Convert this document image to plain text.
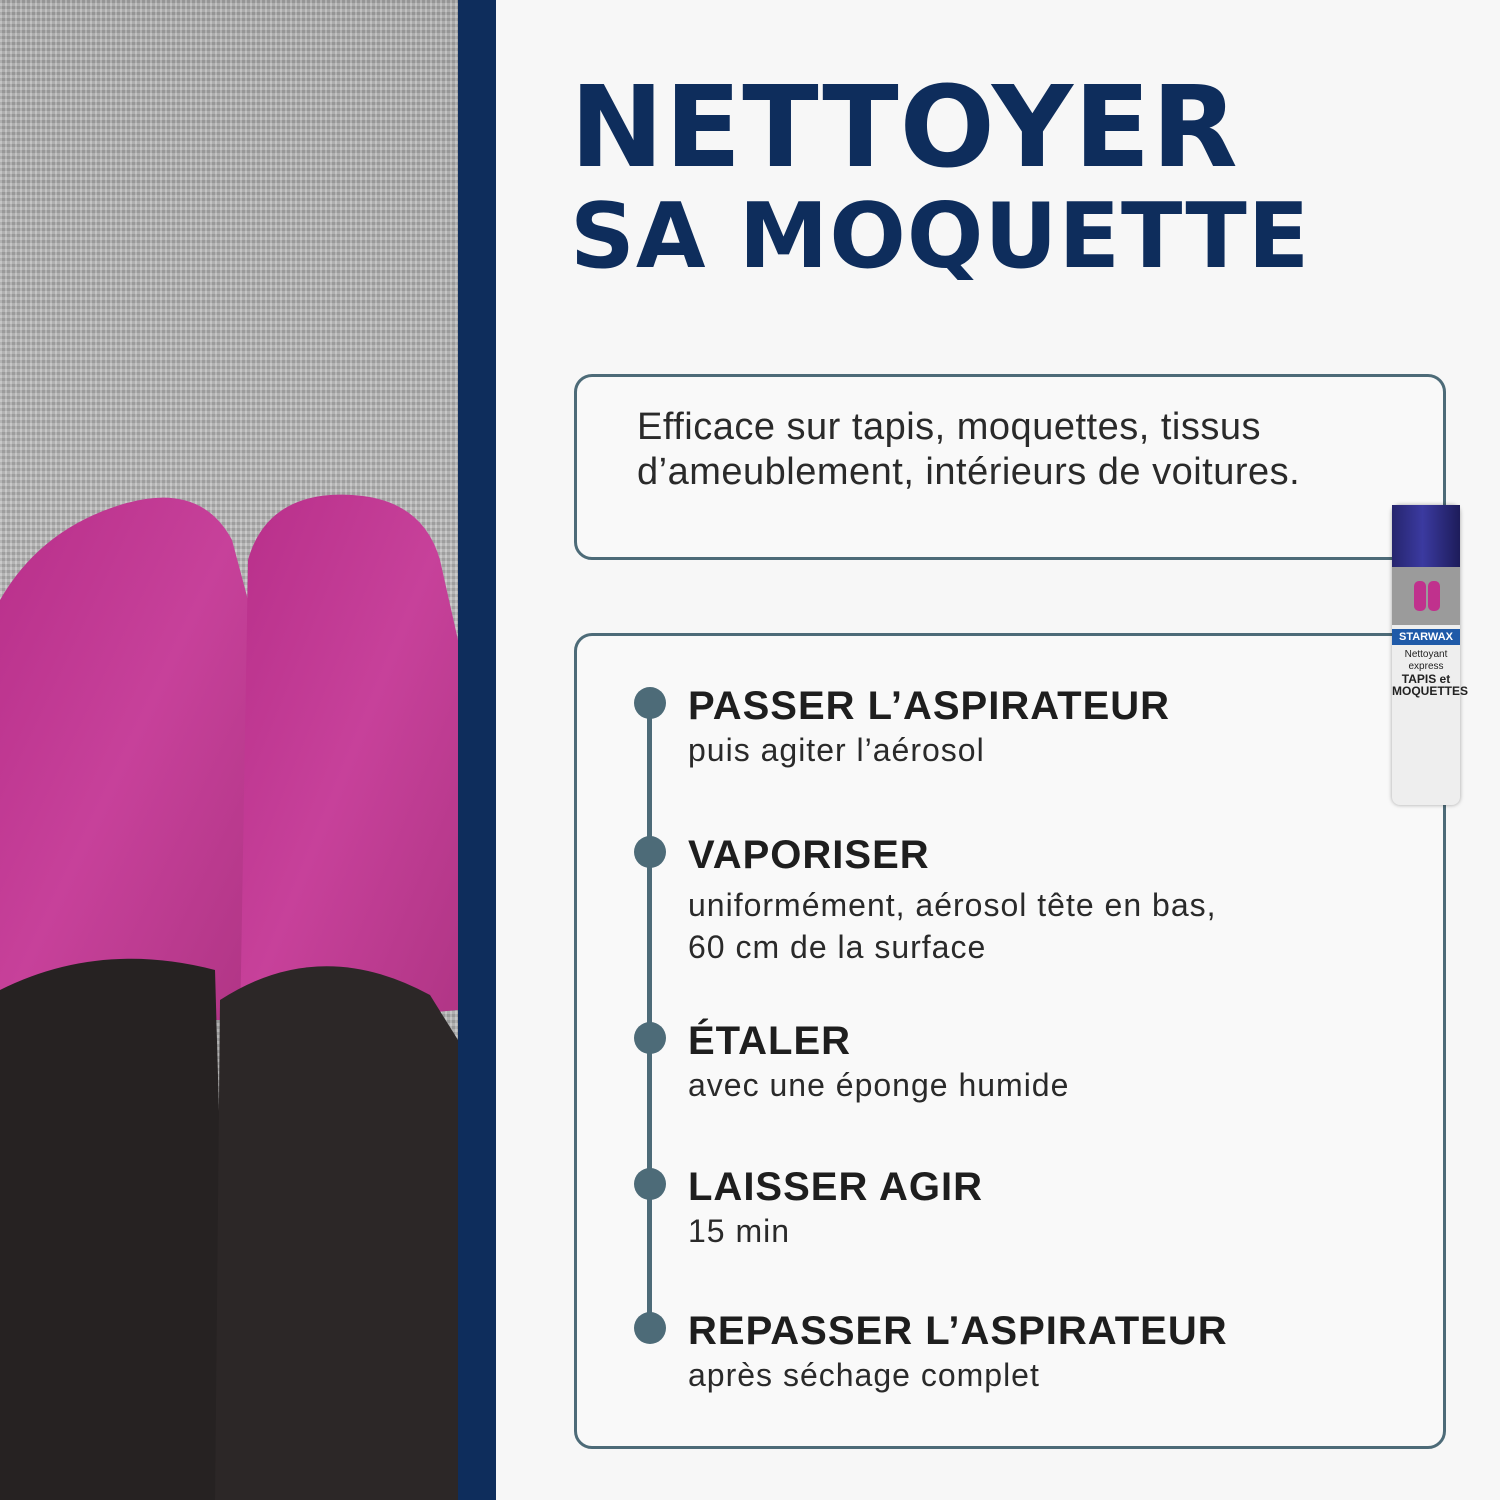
NETTOYER
SA MOQUETTE

Efficace sur tapis, moquettes, tissus d’ameublement, intérieurs de voitures.

PASSER L’ASPIRATEUR
puis agiter l’aérosol
VAPORISER
uniformément, aérosol tête en bas,
60 cm de la surface
ÉTALER
avec une éponge humide
LAISSER AGIR
15 min
REPASSER L’ASPIRATEUR
après séchage complet
STARWAX
Nettoyant
express
TAPIS et
MOQUETTES
